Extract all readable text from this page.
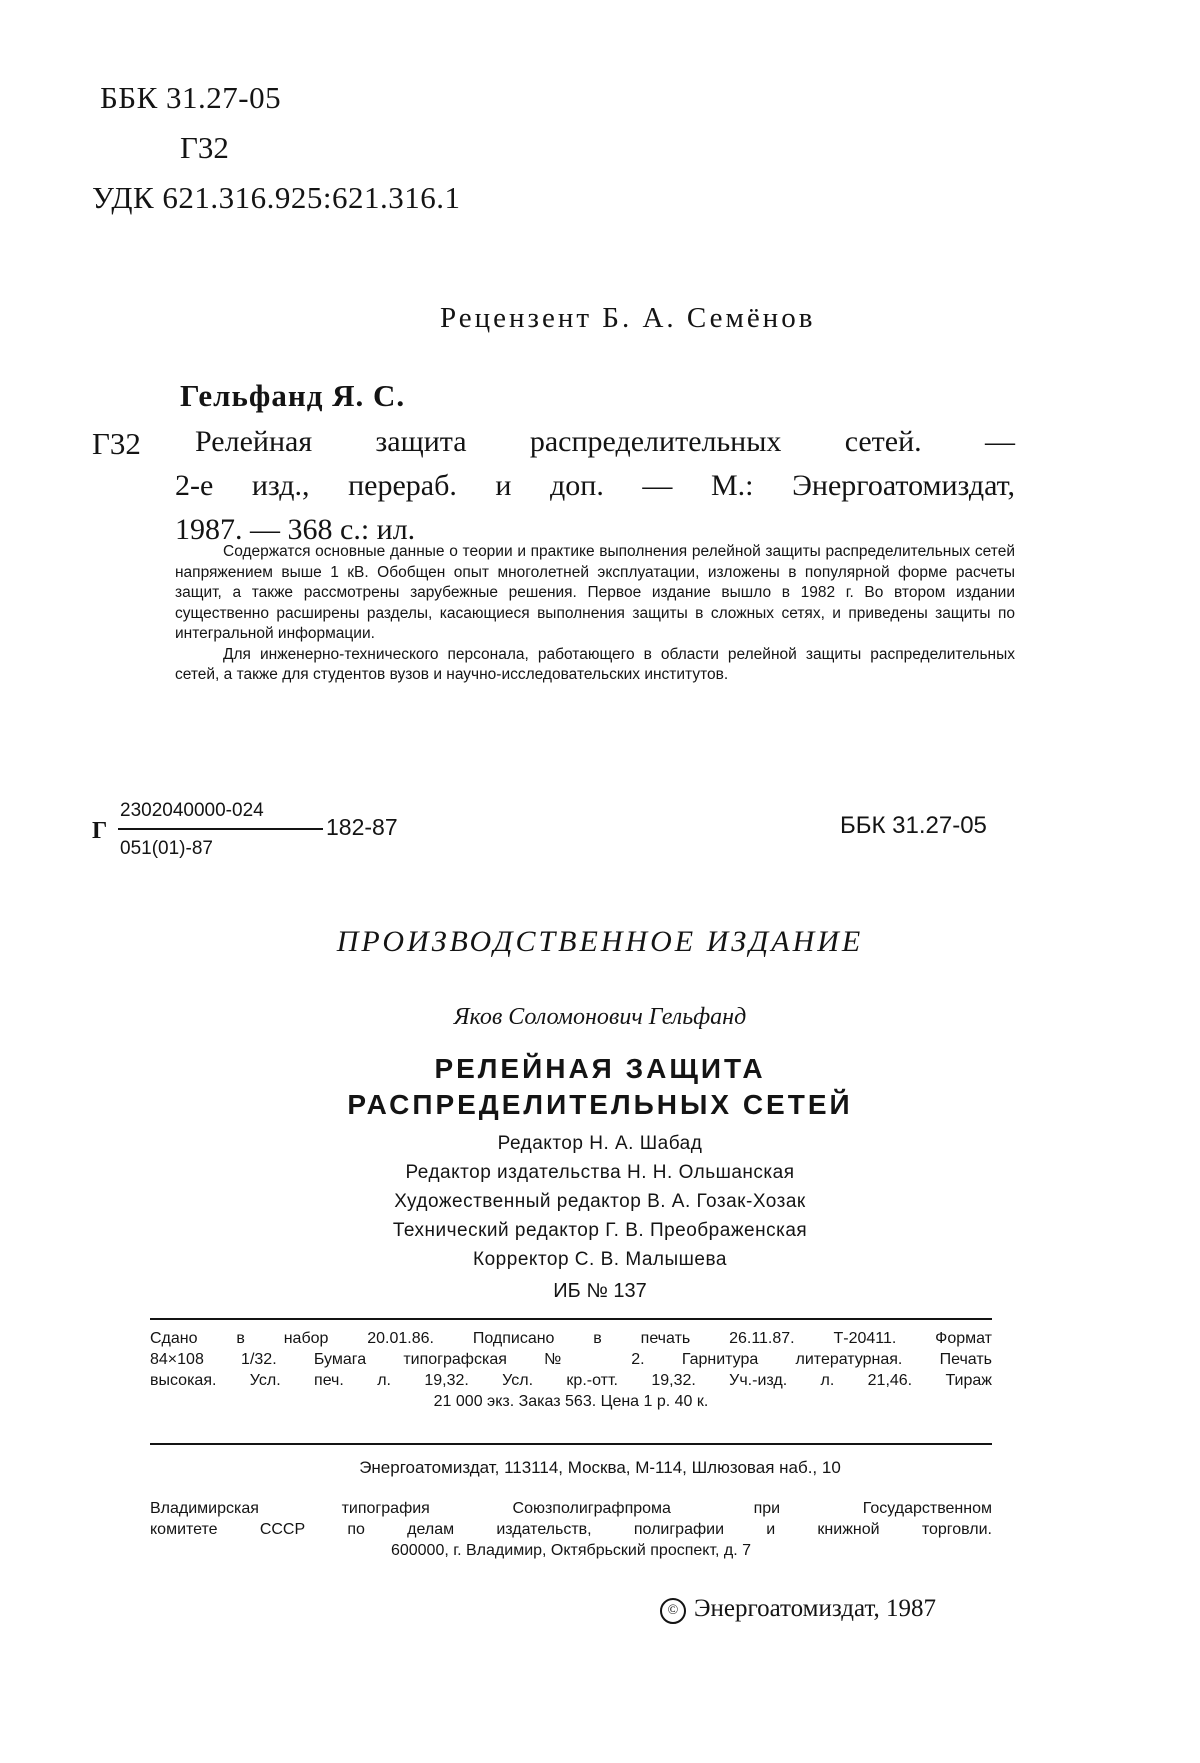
ББК 31.27-05
Г32
УДК 621.316.925:621.316.1
Рецензент Б. А. Семёнов
Гельфанд Я. С.
Г32	Релейная защита распределительных сетей. —
2-е изд., перераб. и доп. — М.: Энергоатомиздат,
1987. — 368 с.: ил.

Содержатся основные данные о теории и практике выполнения релейной защиты распределительных сетей напряжением выше 1 кВ. Обобщен опыт многолетней эксплуатации, изложены в популярной форме расчеты защит, а также рассмотрены зарубежные решения. Первое издание вышло в 1982 г. Во втором издании существенно расширены разделы, касающиеся выполнения защиты в сложных сетях, и приведены защиты по интегральной информации.

Для инженерно-технического персонала, работающего в области релейной защиты распределительных сетей, а также для студентов вузов и научно-исследовательских институтов.

Г
2302040000-024
182-87
051(01)-87
ББК 31.27-05
ПРОИЗВОДСТВЕННОЕ ИЗДАНИЕ
Яков Соломонович Гельфанд
РЕЛЕЙНАЯ ЗАЩИТА
РАСПРЕДЕЛИТЕЛЬНЫХ СЕТЕЙ
Редактор Н. А. Шабад
Редактор издательства Н. Н. Ольшанская
Художественный редактор В. А. Гозак-Хозак
Технический редактор Г. В. Преображенская
Корректор С. В. Малышева
ИБ № 137
Сдано в набор 20.01.86. Подписано в печать 26.11.87. Т-20411. Формат
84×108 1/32. Бумага типографская № 2. Гарнитура литературная. Печать
высокая. Усл. печ. л. 19,32. Усл. кр.-отт. 19,32. Уч.-изд. л. 21,46. Тираж
21 000 экз. Заказ 563. Цена 1 р. 40 к.
Энергоатомиздат, 113114, Москва, М-114, Шлюзовая наб., 10
Владимирская типография Союзполиграфпрома при Государственном
комитете СССР по делам издательств, полиграфии и книжной торговли.
600000, г. Владимир, Октябрьский проспект, д. 7
© Энергоатомиздат, 1987
